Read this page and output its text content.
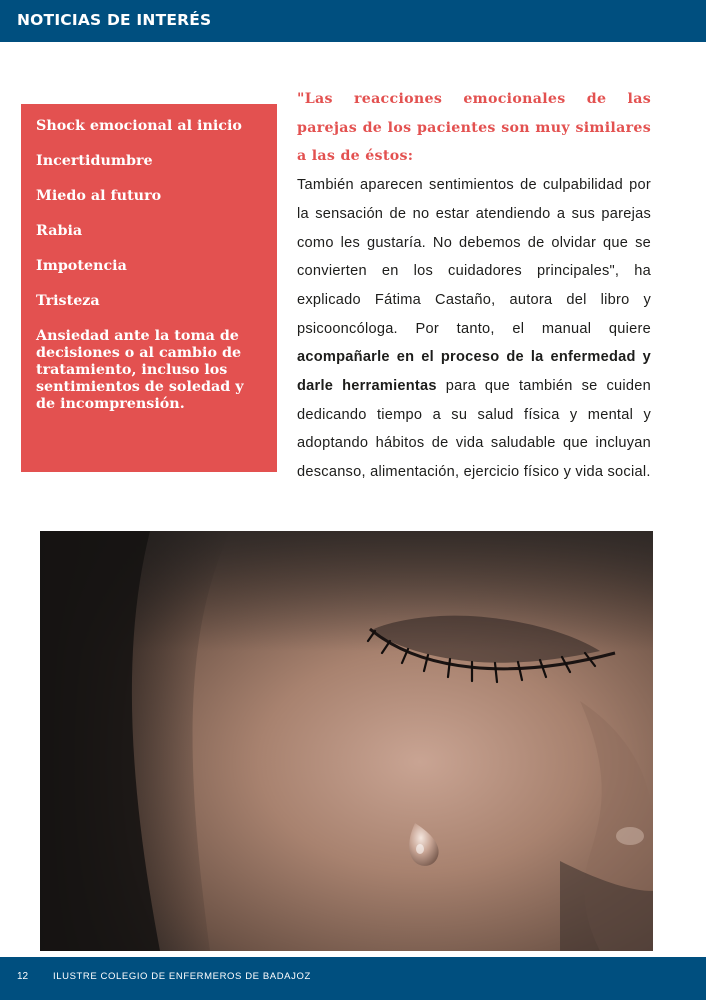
NOTICIAS DE INTERÉS
Shock emocional al inicio
Incertidumbre
Miedo al futuro
Rabia
Impotencia
Tristeza
Ansiedad ante la toma de decisiones o al cambio de tratamiento, incluso los sentimientos de soledad y de incomprensión.

"Las reacciones emocionales de las parejas de los pacientes son muy similares a las de éstos:

También aparecen sentimientos de culpabilidad por la sensación de no estar atendiendo a sus parejas como les gustaría. No debemos de olvidar que se convierten en los cuidadores principales", ha explicado Fátima Castaño, autora del libro y psicooncóloga. Por tanto, el manual quiere acompañarle en el proceso de la enfermedad y darle herramientas para que también se cuiden dedicando tiempo a su salud física y mental y adoptando hábitos de vida saludable que incluyan descanso, alimentación, ejercicio físico y vida social.

12	ILUSTRE COLEGIO DE ENFERMEROS DE BADAJOZ
